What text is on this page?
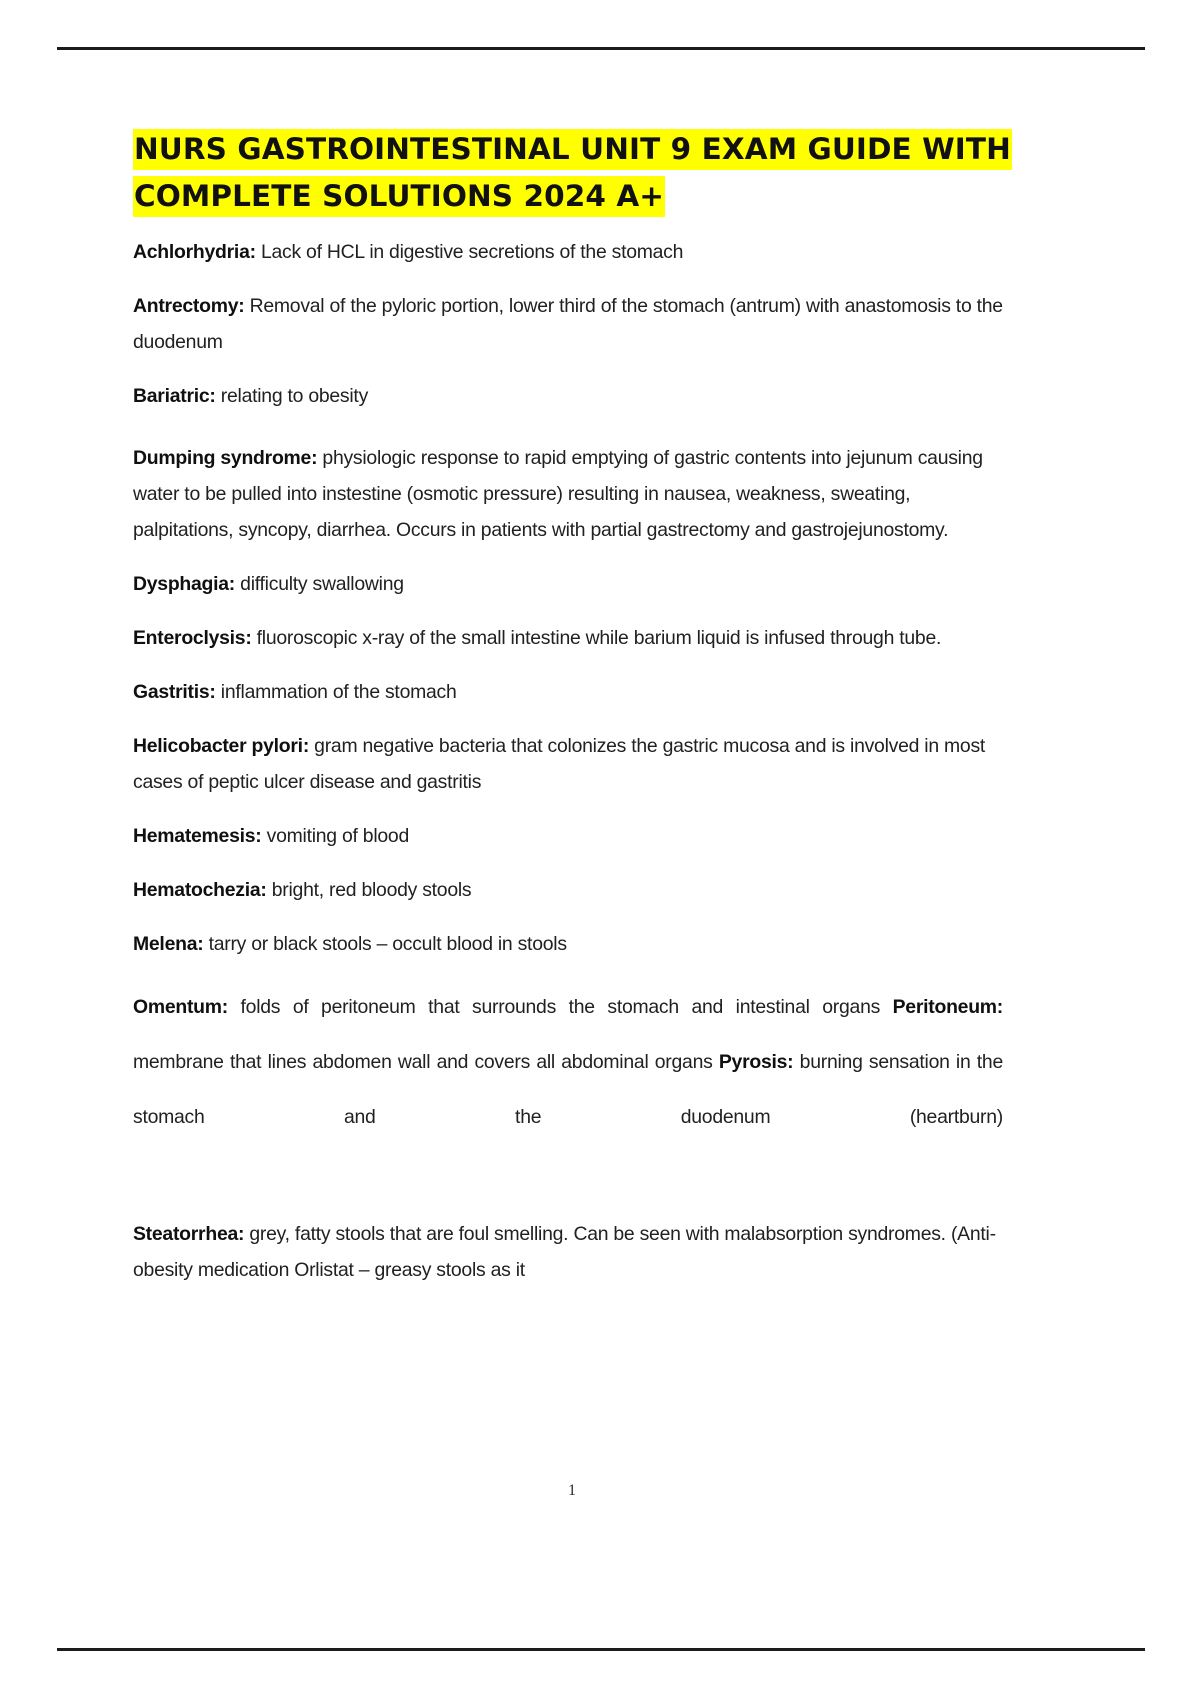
NURS GASTROINTESTINAL UNIT 9 EXAM GUIDE WITH
COMPLETE SOLUTIONS 2024 A+

Achlorhydria: Lack of HCL in digestive secretions of the stomach

Antrectomy: Removal of the pyloric portion, lower third of the stomach (antrum) with anastomosis to the duodenum

Bariatric: relating to obesity

Dumping syndrome: physiologic response to rapid emptying of gastric contents into jejunum causing water to be pulled into instestine (osmotic pressure) resulting in nausea, weakness, sweating, palpitations, syncopy, diarrhea. Occurs in patients with partial gastrectomy and gastrojejunostomy.

Dysphagia: difficulty swallowing

Enteroclysis: fluoroscopic x-ray of the small intestine while barium liquid is infused through tube.

Gastritis: inflammation of the stomach

Helicobacter pylori: gram negative bacteria that colonizes the gastric mucosa and is involved in most cases of peptic ulcer disease and gastritis

Hematemesis: vomiting of blood

Hematochezia: bright, red bloody stools

Melena: tarry or black stools – occult blood in stools

Omentum: folds of peritoneum that surrounds the stomach and intestinal organs Peritoneum: membrane that lines abdomen wall and covers all abdominal organs Pyrosis: burning sensation in the stomach and the duodenum (heartburn)

Steatorrhea: grey, fatty stools that are foul smelling. Can be seen with malabsorption syndromes. (Anti-obesity medication Orlistat – greasy stools as it

1
